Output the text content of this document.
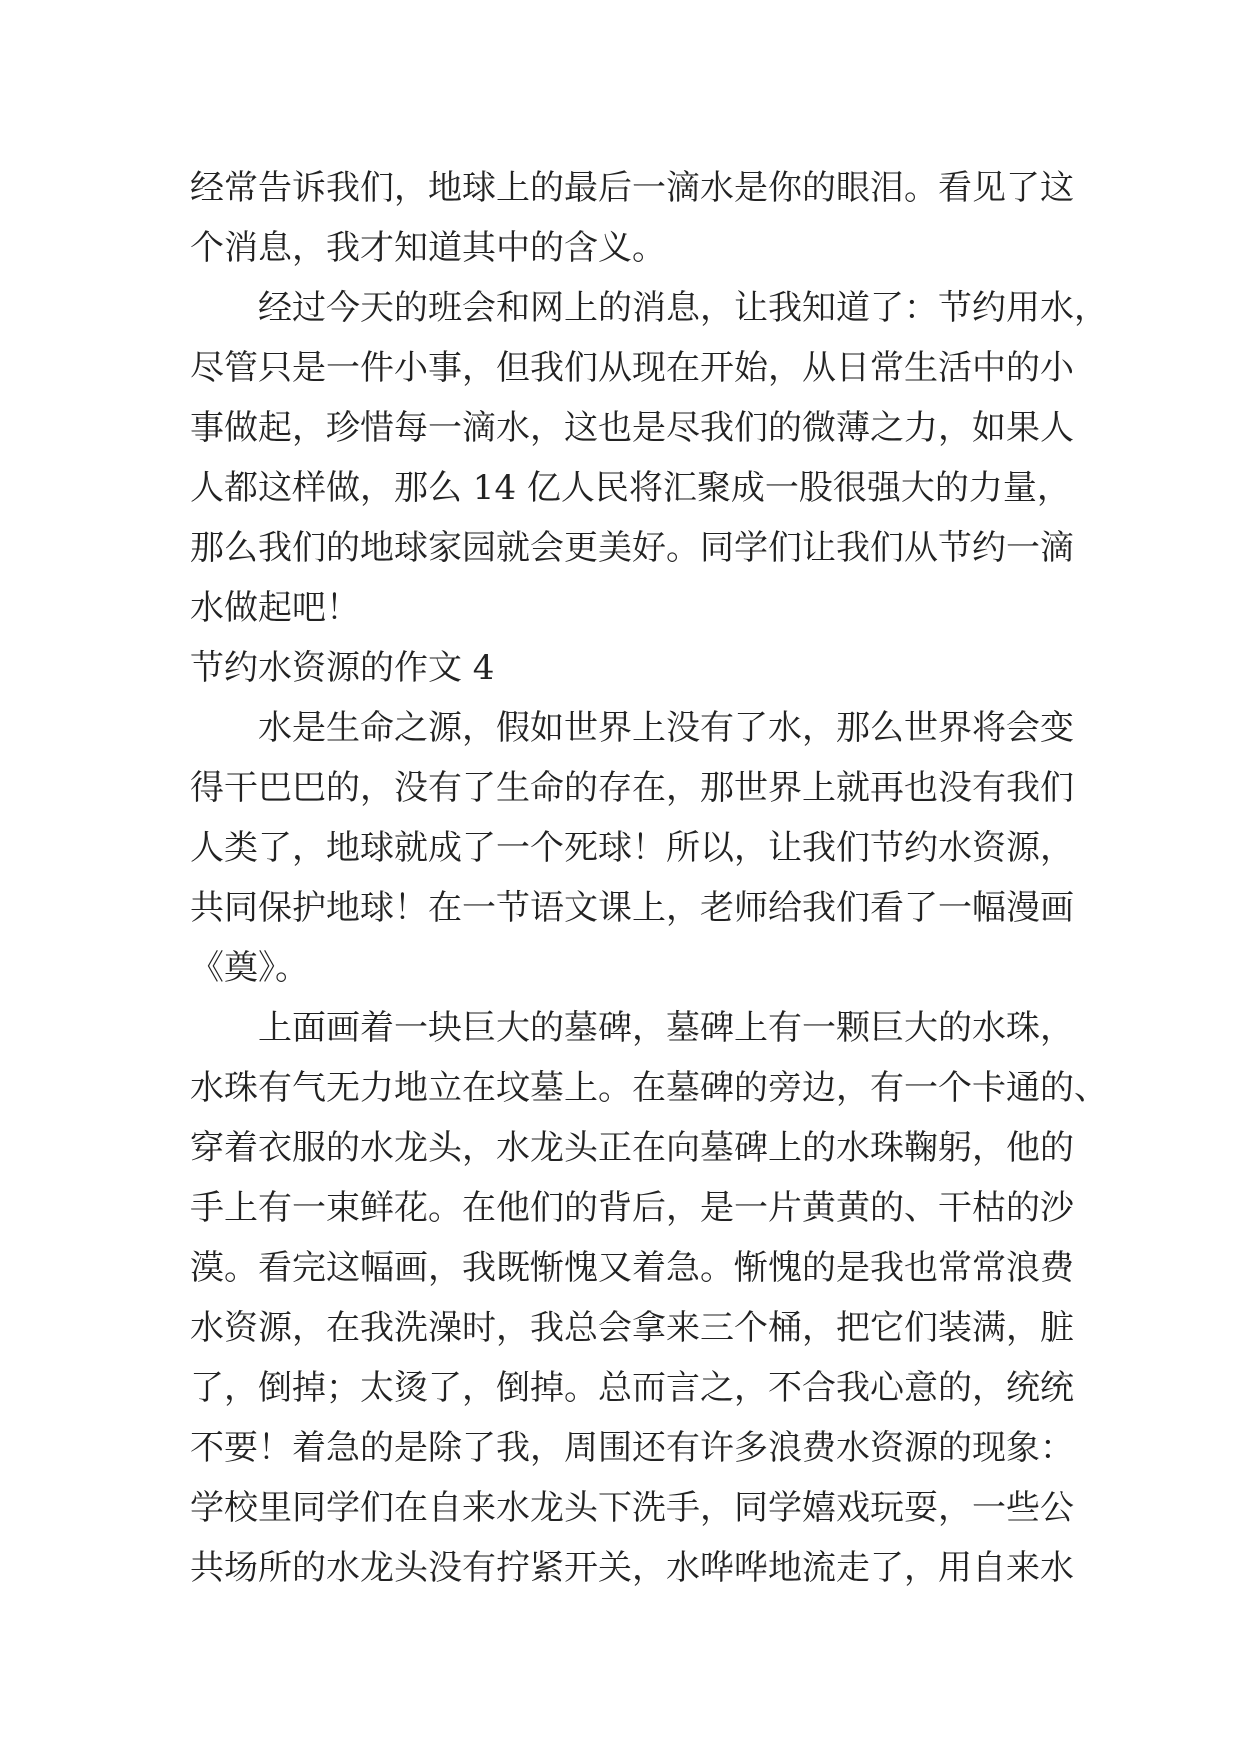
经常告诉我们，地球上的最后一滴水是你的眼泪。看见了这
个消息，我才知道其中的含义。
经过今天的班会和网上的消息，让我知道了：节约用水，
尽管只是一件小事，但我们从现在开始，从日常生活中的小
事做起，珍惜每一滴水，这也是尽我们的微薄之力，如果人
人都这样做，那么 14 亿人民将汇聚成一股很强大的力量，
那么我们的地球家园就会更美好。同学们让我们从节约一滴
水做起吧！
节约水资源的作文 4
水是生命之源，假如世界上没有了水，那么世界将会变
得干巴巴的，没有了生命的存在，那世界上就再也没有我们
人类了，地球就成了一个死球！所以，让我们节约水资源，
共同保护地球！在一节语文课上，老师给我们看了一幅漫画
《奠》。
上面画着一块巨大的墓碑，墓碑上有一颗巨大的水珠，
水珠有气无力地立在坟墓上。在墓碑的旁边，有一个卡通的、
穿着衣服的水龙头，水龙头正在向墓碑上的水珠鞠躬，他的
手上有一束鲜花。在他们的背后，是一片黄黄的、干枯的沙
漠。看完这幅画，我既惭愧又着急。惭愧的是我也常常浪费
水资源，在我洗澡时，我总会拿来三个桶，把它们装满，脏
了，倒掉；太烫了，倒掉。总而言之，不合我心意的，统统
不要！着急的是除了我，周围还有许多浪费水资源的现象：
学校里同学们在自来水龙头下洗手，同学嬉戏玩耍，一些公
共场所的水龙头没有拧紧开关，水哗哗地流走了，用自来水
